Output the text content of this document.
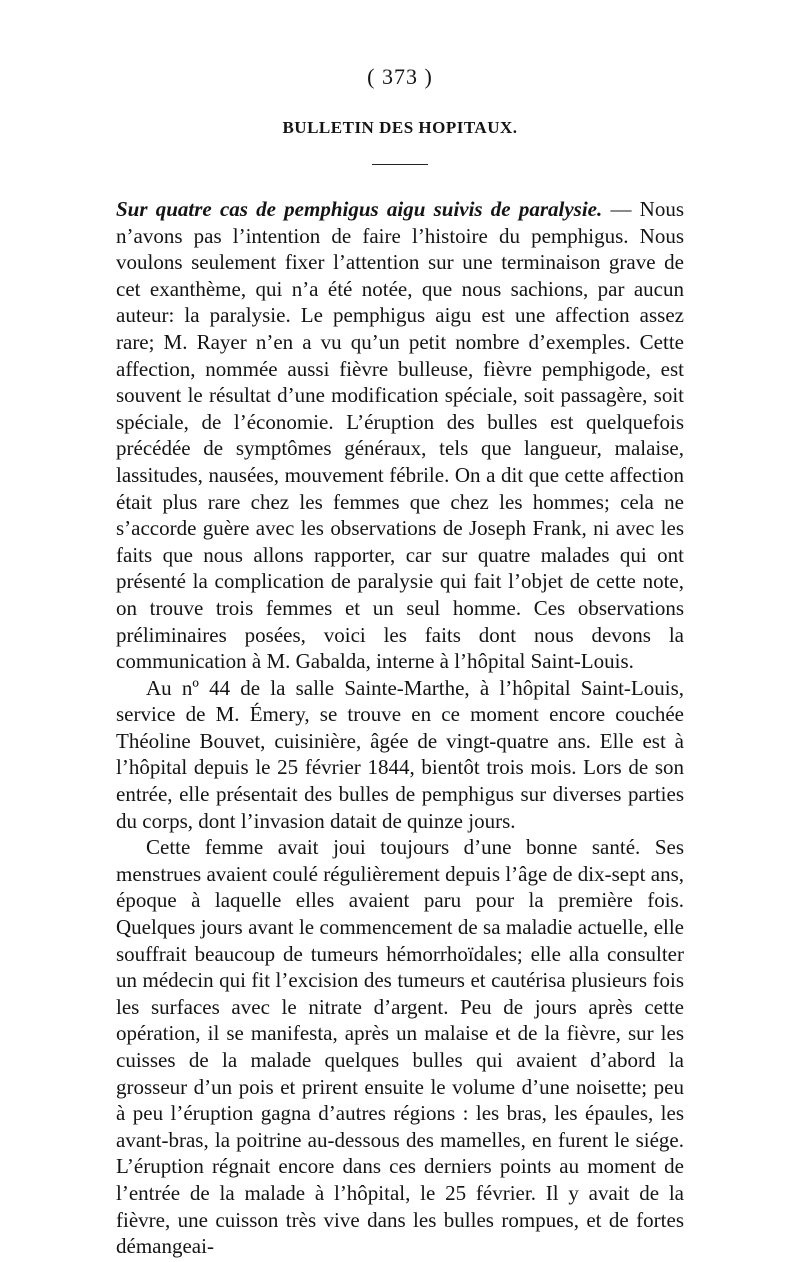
( 373 )
BULLETIN DES HOPITAUX.

Sur quatre cas de pemphigus aigu suivis de paralysie. — Nous n’avons pas l’intention de faire l’histoire du pemphigus. Nous voulons seulement fixer l’attention sur une terminaison grave de cet exanthème, qui n’a été notée, que nous sachions, par aucun auteur: la paralysie. Le pemphigus aigu est une affection assez rare; M. Rayer n’en a vu qu’un petit nombre d’exemples. Cette affection, nommée aussi fièvre bulleuse, fièvre pemphigode, est souvent le résultat d’une modification spéciale, soit passagère, soit spéciale, de l’économie. L’éruption des bulles est quelquefois précédée de symptômes généraux, tels que langueur, malaise, lassitudes, nausées, mouvement fébrile. On a dit que cette affection était plus rare chez les femmes que chez les hommes; cela ne s’accorde guère avec les observations de Joseph Frank, ni avec les faits que nous allons rapporter, car sur quatre malades qui ont présenté la complication de paralysie qui fait l’objet de cette note, on trouve trois femmes et un seul homme. Ces observations préliminaires posées, voici les faits dont nous devons la communication à M. Gabalda, interne à l’hôpital Saint-Louis.

Au nº 44 de la salle Sainte-Marthe, à l’hôpital Saint-Louis, service de M. Émery, se trouve en ce moment encore couchée Théoline Bouvet, cuisinière, âgée de vingt-quatre ans. Elle est à l’hôpital depuis le 25 février 1844, bientôt trois mois. Lors de son entrée, elle présentait des bulles de pemphigus sur diverses parties du corps, dont l’invasion datait de quinze jours.

Cette femme avait joui toujours d’une bonne santé. Ses menstrues avaient coulé régulièrement depuis l’âge de dix-sept ans, époque à laquelle elles avaient paru pour la première fois. Quelques jours avant le commencement de sa maladie actuelle, elle souffrait beaucoup de tumeurs hémorrhoïdales; elle alla consulter un médecin qui fit l’excision des tumeurs et cautérisa plusieurs fois les surfaces avec le nitrate d’argent. Peu de jours après cette opération, il se manifesta, après un malaise et de la fièvre, sur les cuisses de la malade quelques bulles qui avaient d’abord la grosseur d’un pois et prirent ensuite le volume d’une noisette; peu à peu l’éruption gagna d’autres régions : les bras, les épaules, les avant-bras, la poitrine au-dessous des mamelles, en furent le siége. L’éruption régnait encore dans ces derniers points au moment de l’entrée de la malade à l’hôpital, le 25 février. Il y avait de la fièvre, une cuisson très vive dans les bulles rompues, et de fortes démangeai-
